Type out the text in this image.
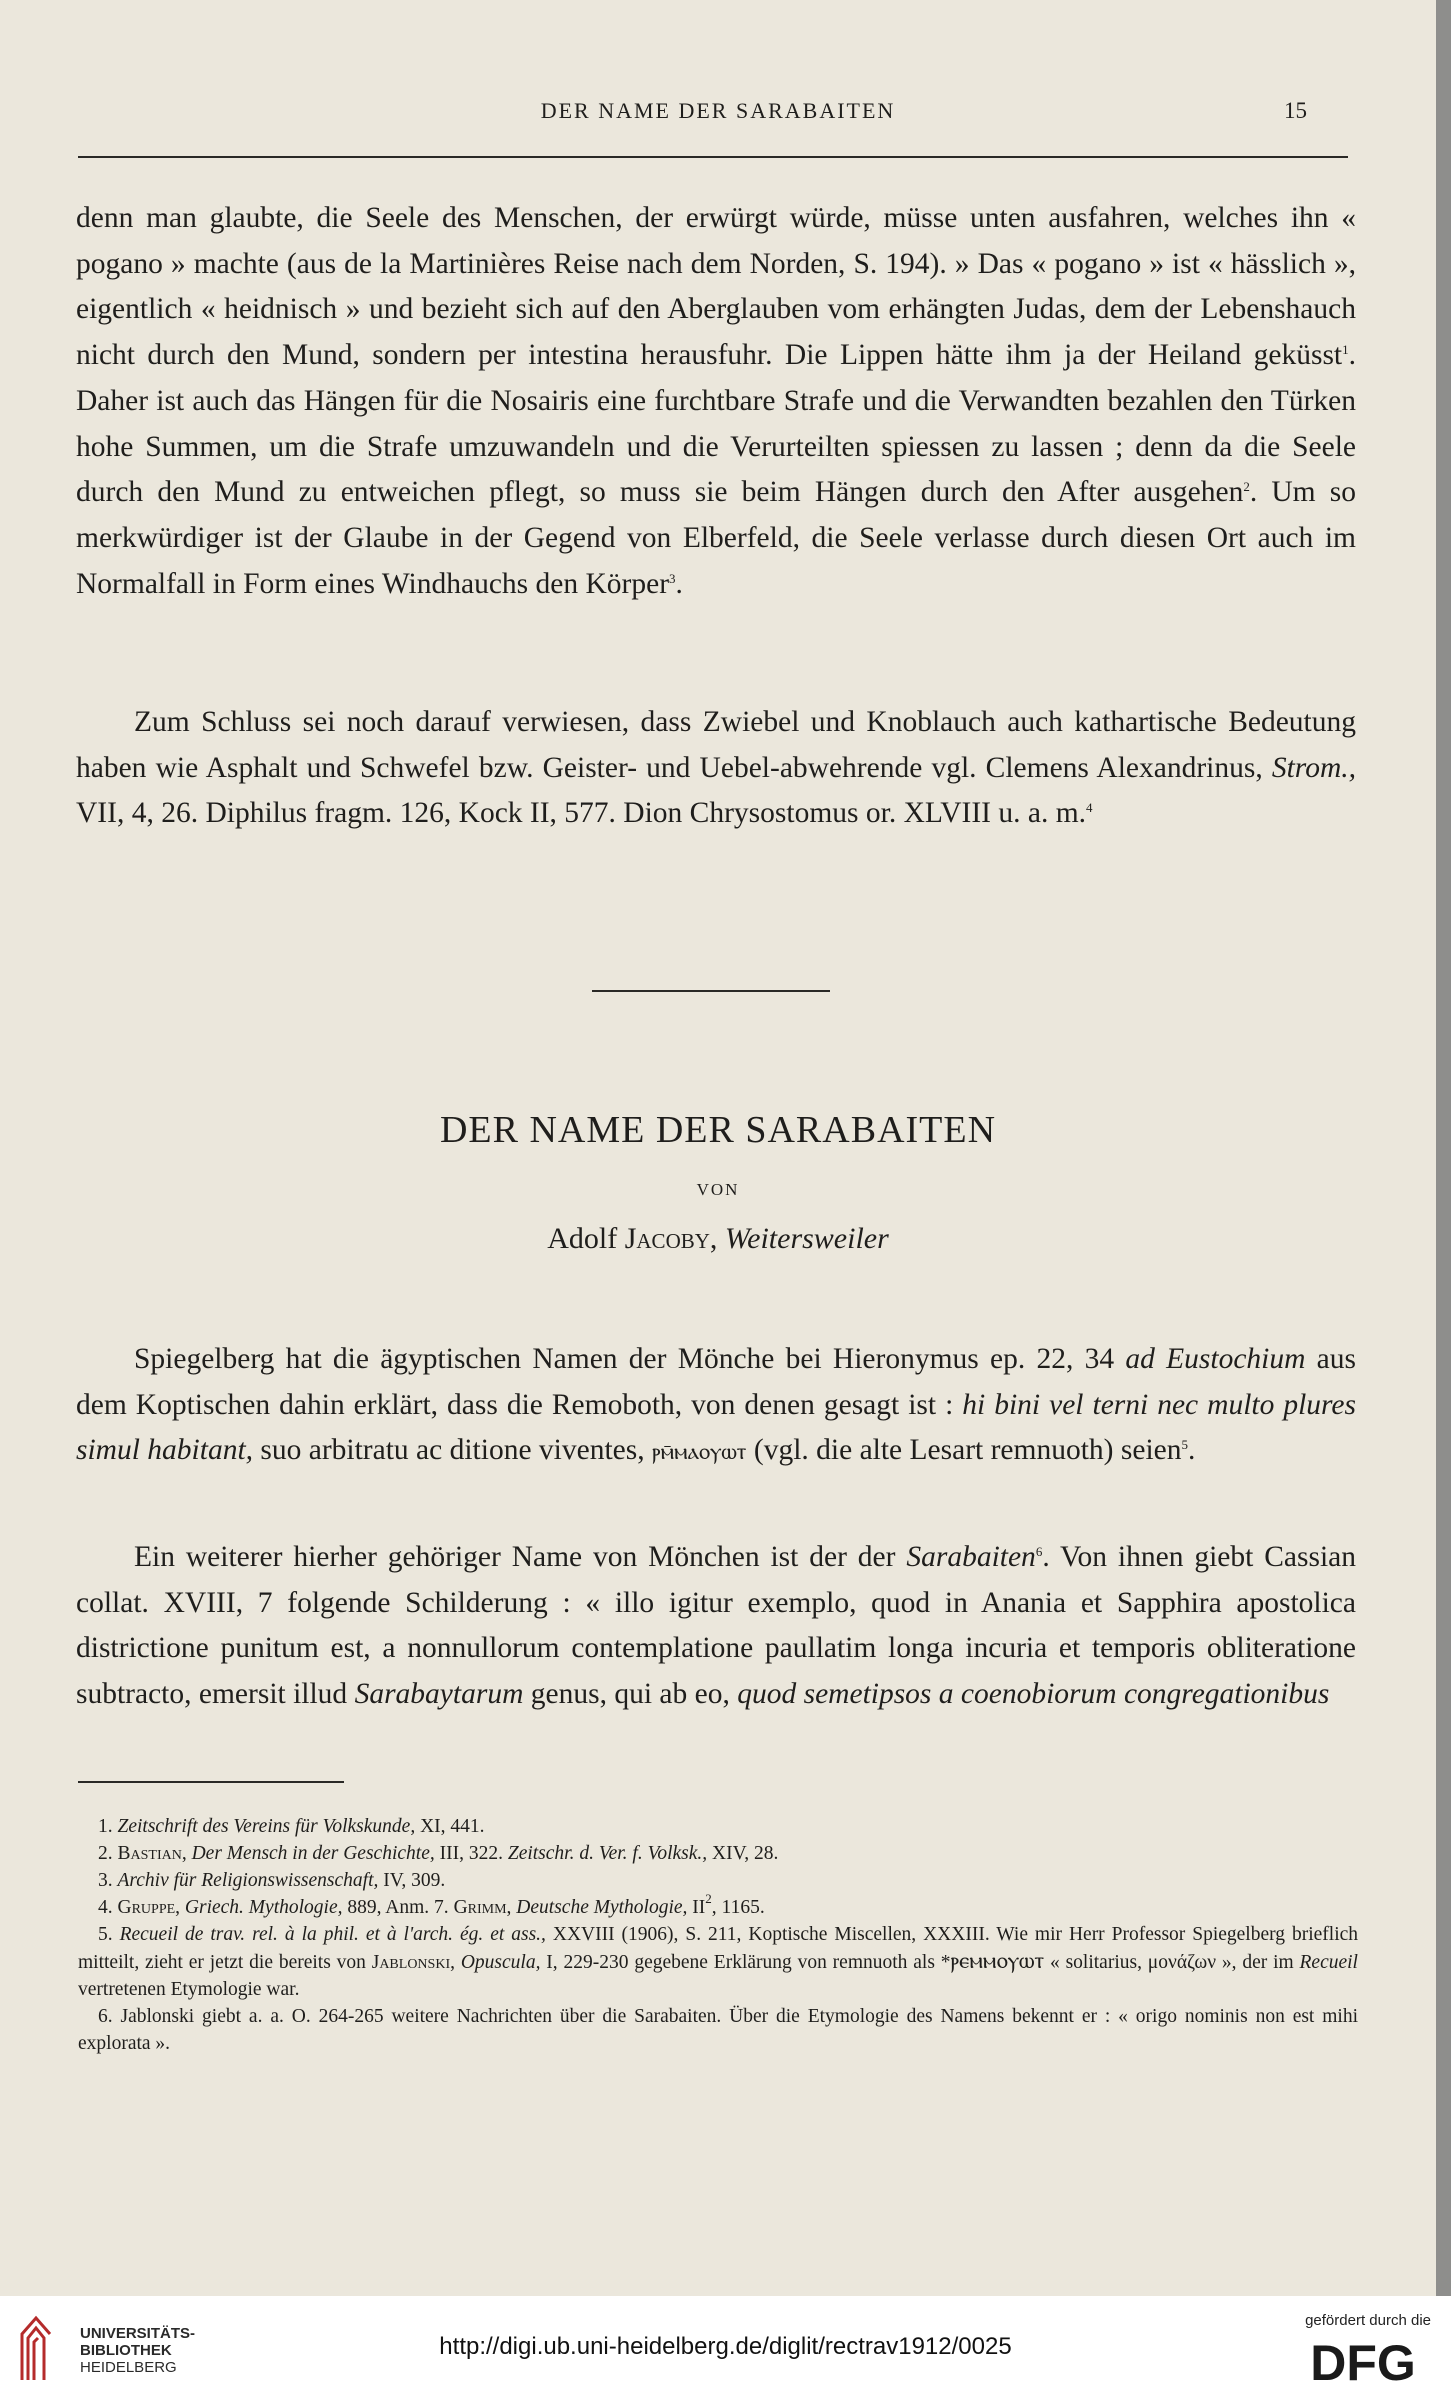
DER NAME DER SARABAITEN	15

denn man glaubte, die Seele des Menschen, der erwürgt würde, müsse unten ausfahren, welches ihn « pogano » machte (aus de la Martinières Reise nach dem Norden, S. 194). » Das « pogano » ist « hässlich », eigentlich « heidnisch » und bezieht sich auf den Aberglauben vom erhängten Judas, dem der Lebenshauch nicht durch den Mund, sondern per intestina herausfuhr. Die Lippen hätte ihm ja der Heiland geküsst$^1$. Daher ist auch das Hängen für die Nosairis eine furchtbare Strafe und die Verwandten bezahlen den Türken hohe Summen, um die Strafe umzuwandeln und die Verurteilten spiessen zu lassen ; denn da die Seele durch den Mund zu entweichen pflegt, so muss sie beim Hängen durch den After ausgehen$^2$. Um so merkwürdiger ist der Glaube in der Gegend von Elberfeld, die Seele verlasse durch diesen Ort auch im Normalfall in Form eines Windhauchs den Körper$^3$.

Zum Schluss sei noch darauf verwiesen, dass Zwiebel und Knoblauch auch kathartische Bedeutung haben wie Asphalt und Schwefel bzw. Geister- und Uebel-abwehrende vgl. Clemens Alexandrinus, Strom., VII, 4, 26. Diphilus fragm. 126, Kock II, 577. Dion Chrysostomus or. XLVIII u. a. m.$^4$

DER NAME DER SARABAITEN
VON
Adolf Jacoby, Weitersweiler

Spiegelberg hat die ägyptischen Namen der Mönche bei Hieronymus ep. 22, 34 ad Eustochium aus dem Koptischen dahin erklärt, dass die Remoboth, von denen gesagt ist : hi bini vel terni nec multo plures simul habitant, suo arbitratu ac ditione viventes, ⲣⲙ̄ⲙⲁⲟⲩⲱⲧ (vgl. die alte Lesart remnuoth) seien$^5$.

Ein weiterer hierher gehöriger Name von Mönchen ist der der Sarabaiten$^6$. Von ihnen giebt Cassian collat. XVIII, 7 folgende Schilderung : « illo igitur exemplo, quod in Anania et Sapphira apostolica districtione punitum est, a nonnullorum contemplatione paullatim longa incuria et temporis obliteratione subtracto, emersit illud Sarabaytarum genus, qui ab eo, quod semetipsos a coenobiorum congregationibus

1. Zeitschrift des Vereins für Volkskunde, XI, 441.

2. Bastian, Der Mensch in der Geschichte, III, 322. Zeitschr. d. Ver. f. Volksk., XIV, 28.

3. Archiv für Religionswissenschaft, IV, 309.

4. Gruppe, Griech. Mythologie, 889, Anm. 7. Grimm, Deutsche Mythologie, $II^2$, 1165.

5. Recueil de trav. rel. à la phil. et à l'arch. ég. et ass., XXVIII (1906), S. 211, Koptische Miscellen, XXXIII. Wie mir Herr Professor Spiegelberg brieflich mitteilt, zieht er jetzt die bereits von Jablonski, Opuscula, I, 229-230 gegebene Erklärung von remnuoth als *ⲣⲉⲙⲙⲟⲩⲱⲧ « solitarius, μονάζων », der im Recueil vertretenen Etymologie war.

6. Jablonski giebt a. a. O. 264-265 weitere Nachrichten über die Sarabaiten. Über die Etymologie des Namens bekennt er : « origo nominis non est mihi explorata ».

UNIVERSITÄTS-
BIBLIOTHEK
HEIDELBERG
http://digi.ub.uni-heidelberg.de/diglit/rectrav1912/0025
gefördert durch die
DFG
